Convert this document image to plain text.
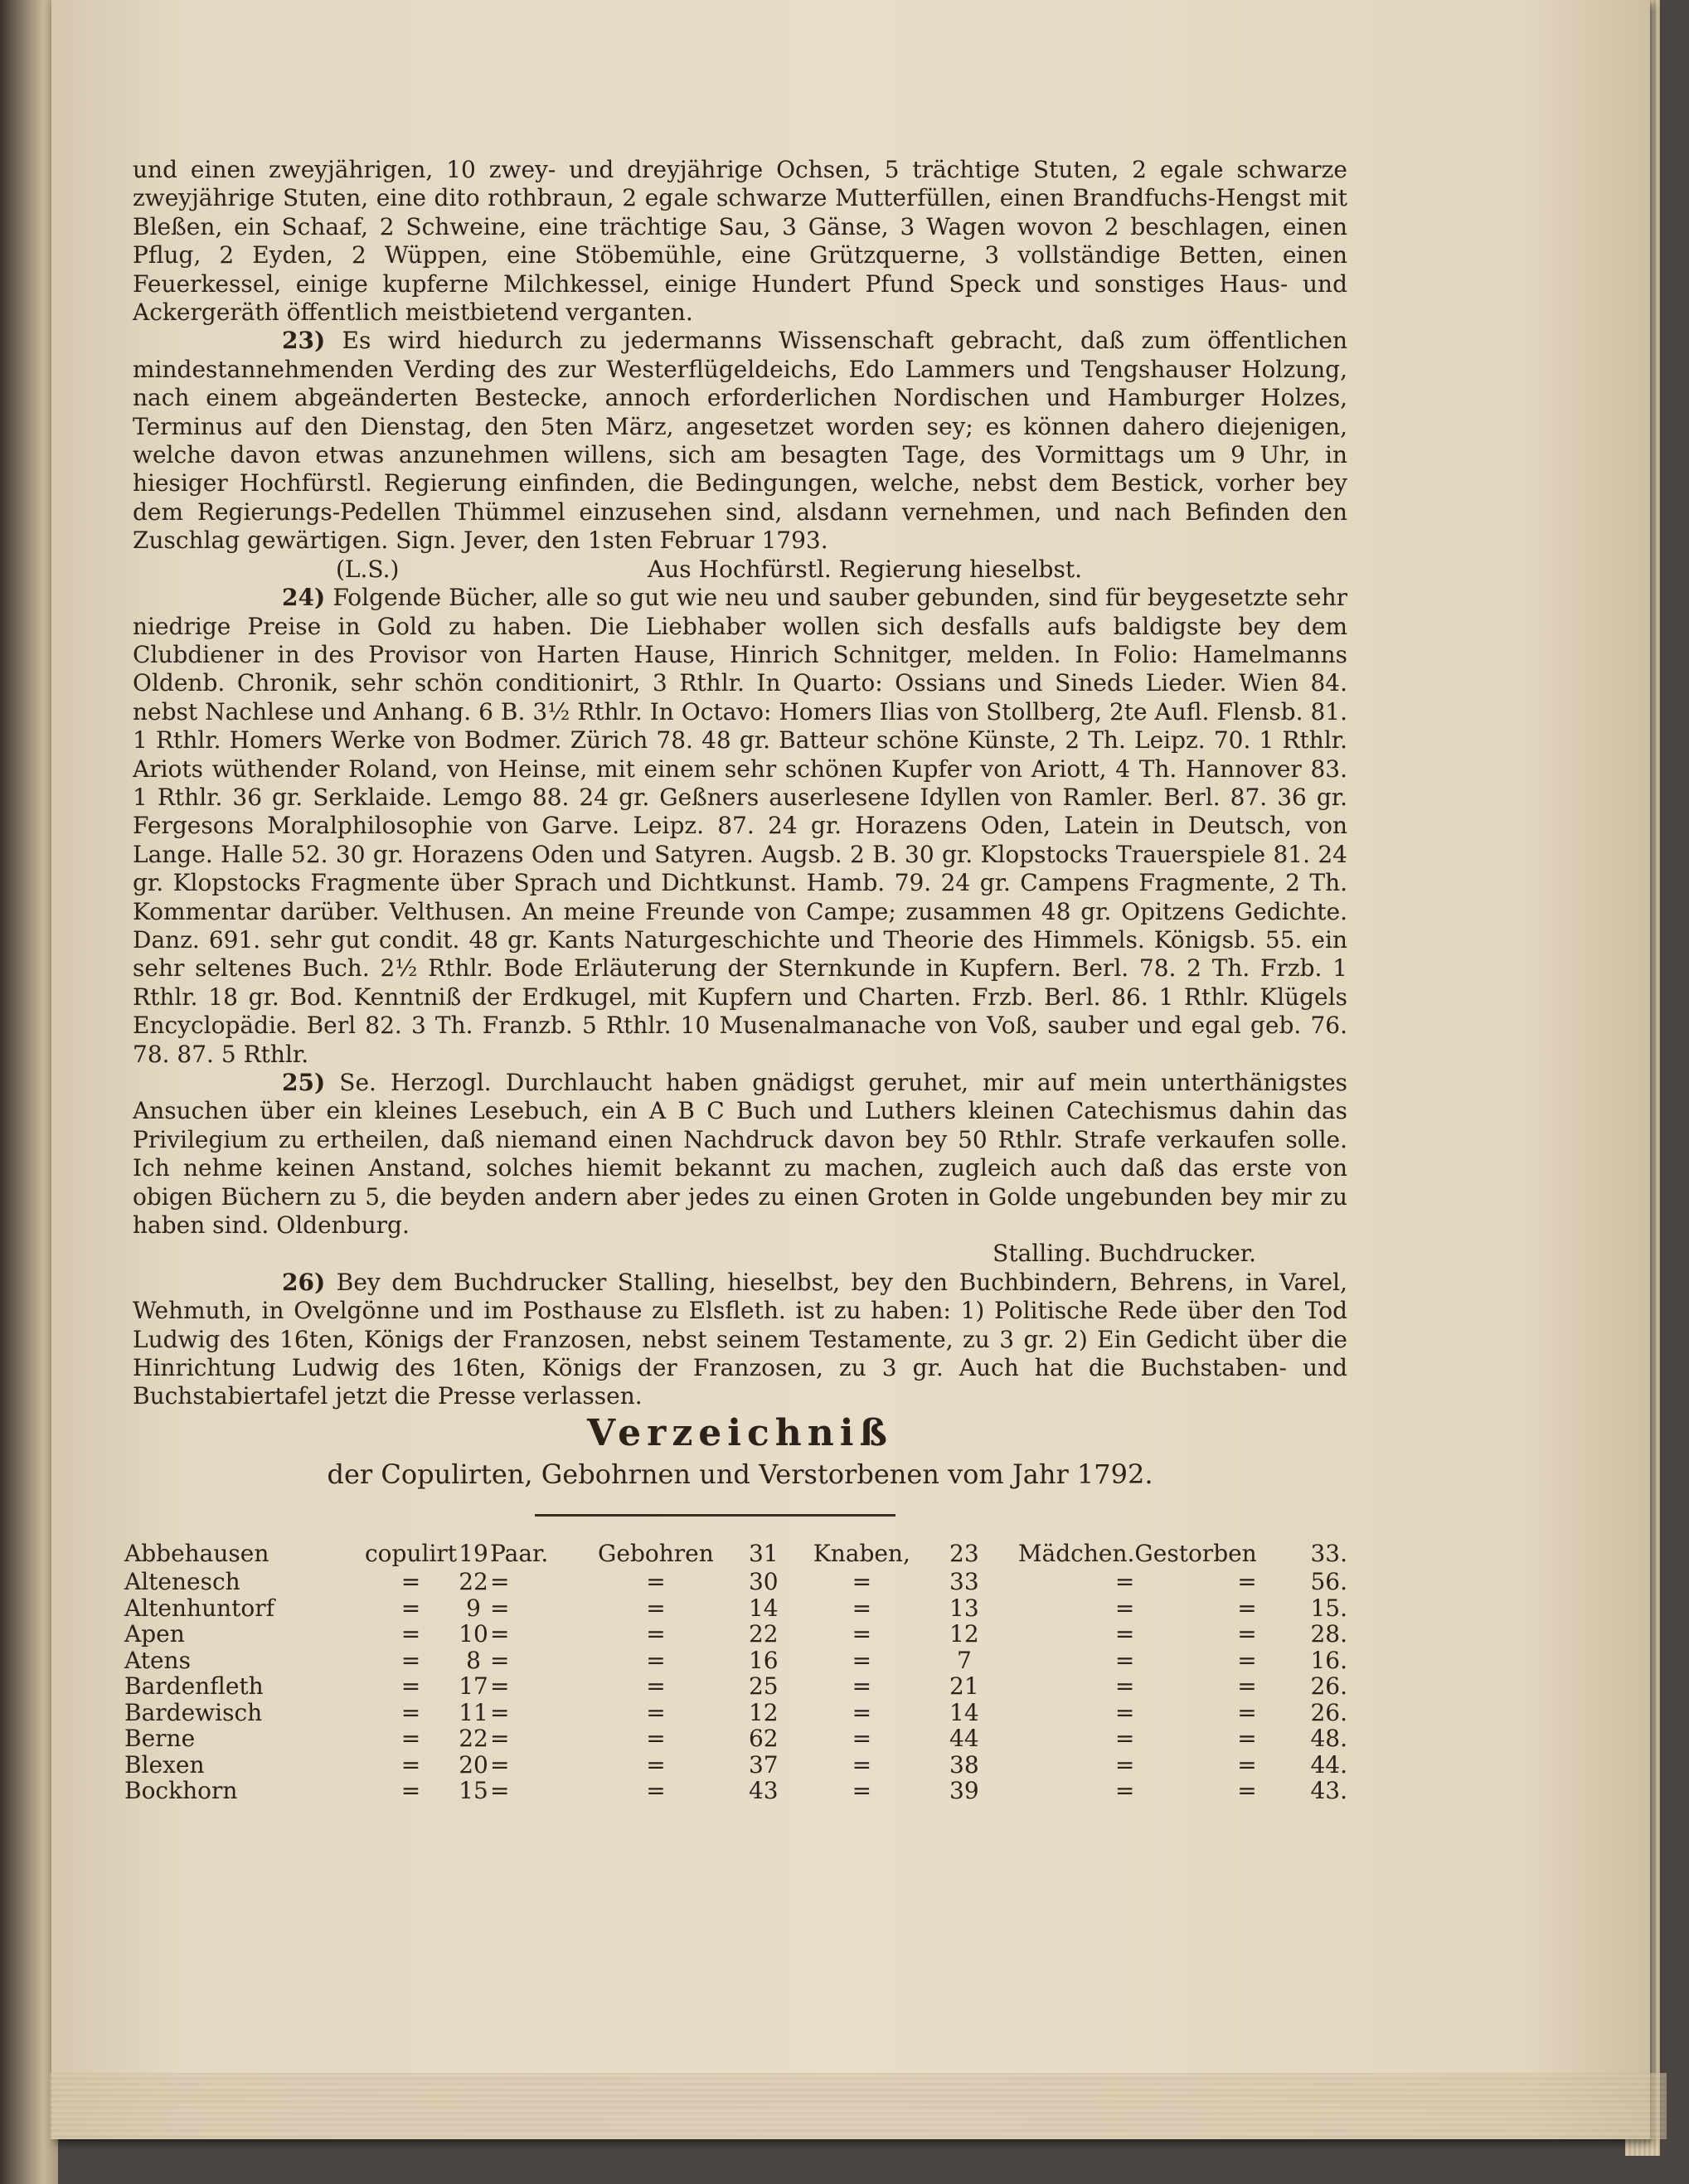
und einen zweyjährigen, 10 zwey- und dreyjährige Ochsen, 5 trächtige Stuten, 2 egale schwarze zweyjährige Stuten, eine dito rothbraun, 2 egale schwarze Mutterfüllen, einen Brandfuchs-Hengst mit Bleßen, ein Schaaf, 2 Schweine, eine trächtige Sau, 3 Gänse, 3 Wagen wovon 2 beschlagen, einen Pflug, 2 Eyden, 2 Wüppen, eine Stöbemühle, eine Grützquerne, 3 vollständige Betten, einen Feuerkessel, einige kupferne Milchkessel, einige Hundert Pfund Speck und sonstiges Haus- und Ackergeräth öffentlich meistbietend verganten.

23) Es wird hiedurch zu jedermanns Wissenschaft gebracht, daß zum öffentlichen mindestannehmenden Verding des zur Westerflügeldeichs, Edo Lammers und Tengshauser Holzung, nach einem abgeänderten Bestecke, annoch erforderlichen Nordischen und Hamburger Holzes, Terminus auf den Dienstag, den 5ten März, angesetzet worden sey; es können dahero diejenigen, welche davon etwas anzunehmen willens, sich am besagten Tage, des Vormittags um 9 Uhr, in hiesiger Hochfürstl. Regierung einfinden, die Bedingungen, welche, nebst dem Bestick, vorher bey dem Regierungs-Pedellen Thümmel einzusehen sind, alsdann vernehmen, und nach Befinden den Zuschlag gewärtigen. Sign. Jever, den 1sten Februar 1793.

(L.S.)	Aus Hochfürstl. Regierung hieselbst.

24) Folgende Bücher, alle so gut wie neu und sauber gebunden, sind für beygesetzte sehr niedrige Preise in Gold zu haben. Die Liebhaber wollen sich desfalls aufs baldigste bey dem Clubdiener in des Provisor von Harten Hause, Hinrich Schnitger, melden. In Folio: Hamelmanns Oldenb. Chronik, sehr schön conditionirt, 3 Rthlr. In Quarto: Ossians und Sineds Lieder. Wien 84. nebst Nachlese und Anhang. 6 B. 3½ Rthlr. In Octavo: Homers Ilias von Stollberg, 2te Aufl. Flensb. 81. 1 Rthlr. Homers Werke von Bodmer. Zürich 78. 48 gr. Batteur schöne Künste, 2 Th. Leipz. 70. 1 Rthlr. Ariots wüthender Roland, von Heinse, mit einem sehr schönen Kupfer von Ariott, 4 Th. Hannover 83. 1 Rthlr. 36 gr. Serklaide. Lemgo 88. 24 gr. Geßners auserlesene Idyllen von Ramler. Berl. 87. 36 gr. Fergesons Moralphilosophie von Garve. Leipz. 87. 24 gr. Horazens Oden, Latein in Deutsch, von Lange. Halle 52. 30 gr. Horazens Oden und Satyren. Augsb. 2 B. 30 gr. Klopstocks Trauerspiele 81. 24 gr. Klopstocks Fragmente über Sprach und Dichtkunst. Hamb. 79. 24 gr. Campens Fragmente, 2 Th. Kommentar darüber. Velthusen. An meine Freunde von Campe; zusammen 48 gr. Opitzens Gedichte. Danz. 691. sehr gut condit. 48 gr. Kants Naturgeschichte und Theorie des Himmels. Königsb. 55. ein sehr seltenes Buch. 2½ Rthlr. Bode Erläuterung der Sternkunde in Kupfern. Berl. 78. 2 Th. Frzb. 1 Rthlr. 18 gr. Bod. Kenntniß der Erdkugel, mit Kupfern und Charten. Frzb. Berl. 86. 1 Rthlr. Klügels Encyclopädie. Berl 82. 3 Th. Franzb. 5 Rthlr. 10 Musenalmanache von Voß, sauber und egal geb. 76. 78. 87. 5 Rthlr.

25) Se. Herzogl. Durchlaucht haben gnädigst geruhet, mir auf mein unterthänigstes Ansuchen über ein kleines Lesebuch, ein A B C Buch und Luthers kleinen Catechismus dahin das Privilegium zu ertheilen, daß niemand einen Nachdruck davon bey 50 Rthlr. Strafe verkaufen solle. Ich nehme keinen Anstand, solches hiemit bekannt zu machen, zugleich auch daß das erste von obigen Büchern zu 5, die beyden andern aber jedes zu einen Groten in Golde ungebunden bey mir zu haben sind. Oldenburg.

Stalling. Buchdrucker.

26) Bey dem Buchdrucker Stalling, hieselbst, bey den Buchbindern, Behrens, in Varel, Wehmuth, in Ovelgönne und im Posthause zu Elsfleth. ist zu haben: 1) Politische Rede über den Tod Ludwig des 16ten, Königs der Franzosen, nebst seinem Testamente, zu 3 gr. 2) Ein Gedicht über die Hinrichtung Ludwig des 16ten, Königs der Franzosen, zu 3 gr. Auch hat die Buchstaben- und Buchstabiertafel jetzt die Presse verlassen.

Verzeichniß
der Copulirten, Gebohrnen und Verstorbenen vom Jahr 1792.
Abbehausen	copulirt	19	Paar.	Gebohren	31	Knaben,	23	Mädchen.	Gestorben	33.
Altenesch	=	22	=	=	30	=	33	=	=	56.
Altenhuntorf	=	9	=	=	14	=	13	=	=	15.
Apen	=	10	=	=	22	=	12	=	=	28.
Atens	=	8	=	=	16	=	7	=	=	16.
Bardenfleth	=	17	=	=	25	=	21	=	=	26.
Bardewisch	=	11	=	=	12	=	14	=	=	26.
Berne	=	22	=	=	62	=	44	=	=	48.
Blexen	=	20	=	=	37	=	38	=	=	44.
Bockhorn	=	15	=	=	43	=	39	=	=	43.
